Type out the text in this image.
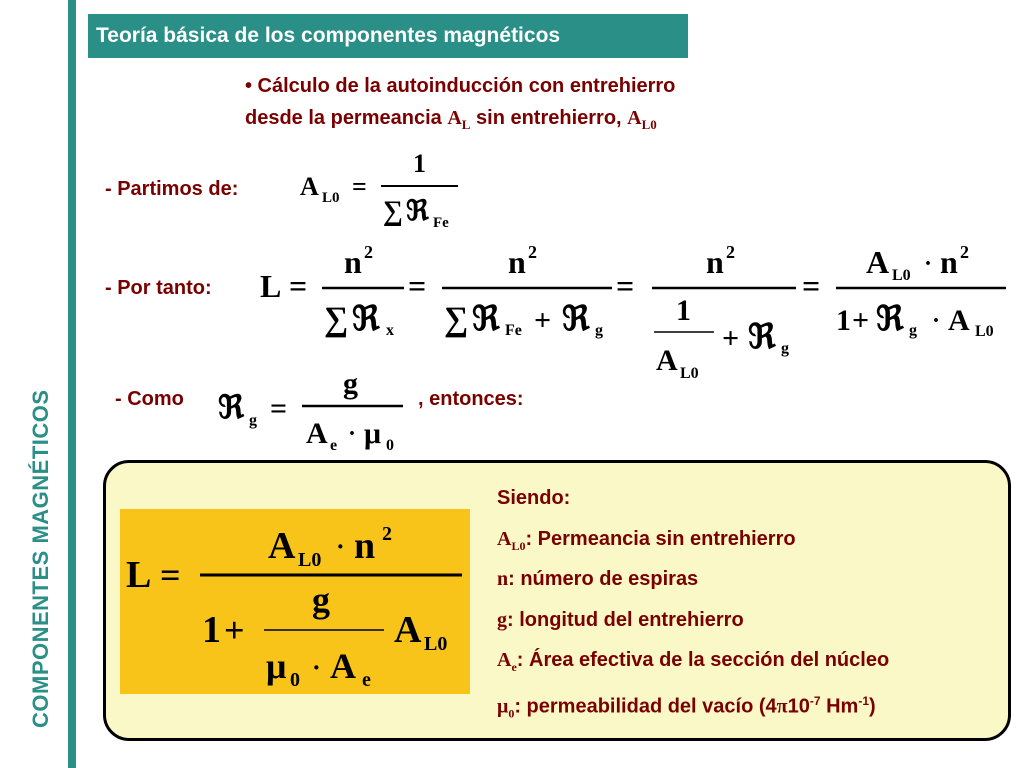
COMPONENTES MAGNÉTICOS
Teoría básica de los componentes magnéticos
• Cálculo de la autoinducción con entrehierro
desde la permeancia $A_L$ sin entrehierro, $A_{L0}$
- Partimos de:
- Por tanto:
- Como	, entonces:
Siendo:
$A_{L0}$: Permeancia sin entrehierro
n: número de espiras
g: longitud del entrehierro
$A_e$: Área efectiva de la sección del núcleo
$\mu_0$: permeabilidad del vacío ($4\pi 10^{-7}$ $Hm^{-1}$)
A L0 =
1
∑ ℜ Fe
L =
n 2
∑ ℜ x
=
n 2
∑ ℜ Fe + ℜ g
=
n 2
1
A L0
+ ℜ g
=
A L0 · n 2
1 + ℜ g · A L0
ℜ g =
g
A e · μ 0
L =
A L0 · n 2
1 +
g
μ 0 · A e
A L0
